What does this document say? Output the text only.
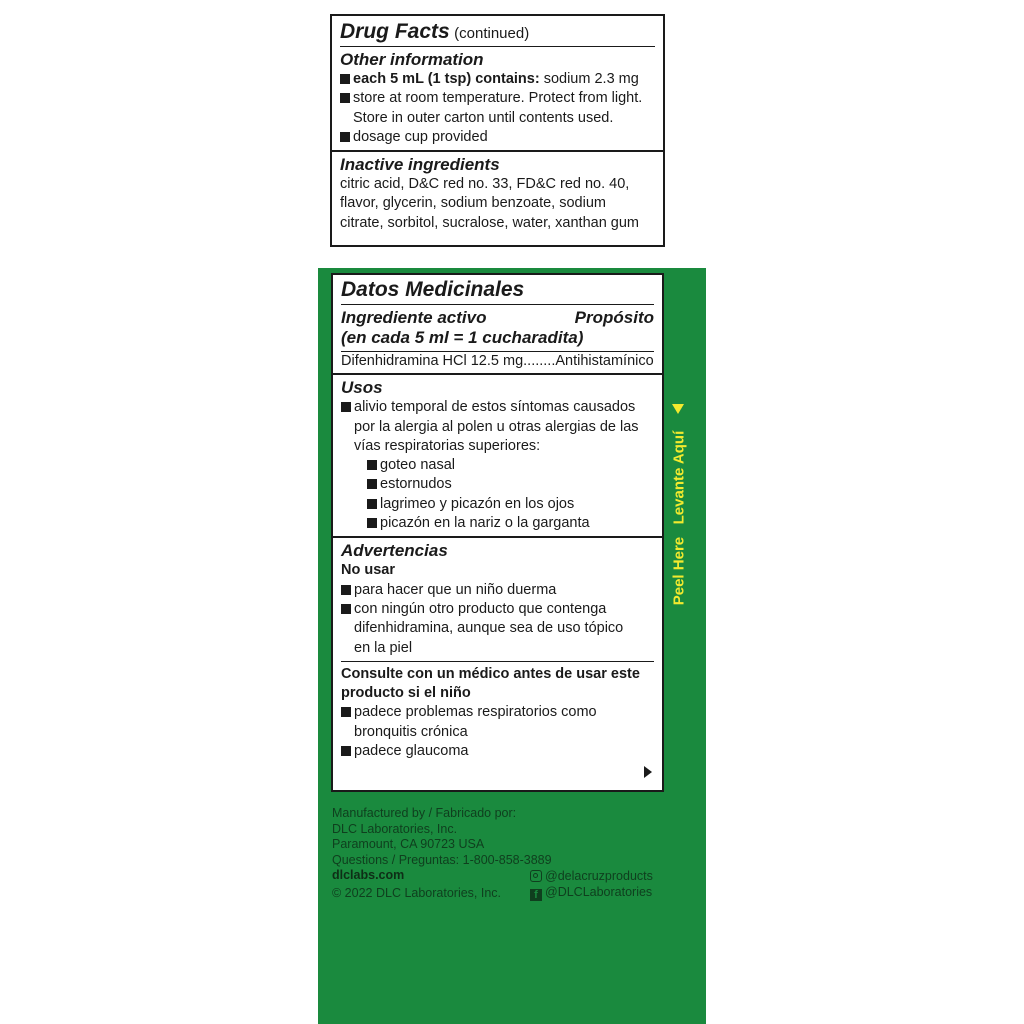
Drug Facts (continued)
Other information
each 5 mL (1 tsp) contains: sodium 2.3 mg
store at room temperature. Protect from light.
Store in outer carton until contents used.
dosage cup provided
Inactive ingredients
citric acid, D&C red no. 33, FD&C red no. 40,
flavor, glycerin, sodium benzoate, sodium
citrate, sorbitol, sucralose, water, xanthan gum
Datos Medicinales
Ingrediente activo	Propósito
(en cada 5 ml = 1 cucharadita)
Difenhidramina HCl 12.5 mg........Antihistamínico
Usos
alivio temporal de estos síntomas causados
por la alergia al polen u otras alergias de las
vías respiratorias superiores:
goteo nasal
estornudos
lagrimeo y picazón en los ojos
picazón en la nariz o la garganta
Advertencias
No usar
para hacer que un niño duerma
con ningún otro producto que contenga
difenhidramina, aunque sea de uso tópico
en la piel
Consulte con un médico antes de usar este
producto si el niño
padece problemas respiratorios como
bronquitis crónica
padece glaucoma
Peel Here   Levante Aquí
Manufactured by / Fabricado por:
DLC Laboratories, Inc.
Paramount, CA 90723 USA
Questions / Preguntas: 1-800-858-3889
dlclabs.com
© 2022 DLC Laboratories, Inc.
@delacruzproducts
f @DLCLaboratories
